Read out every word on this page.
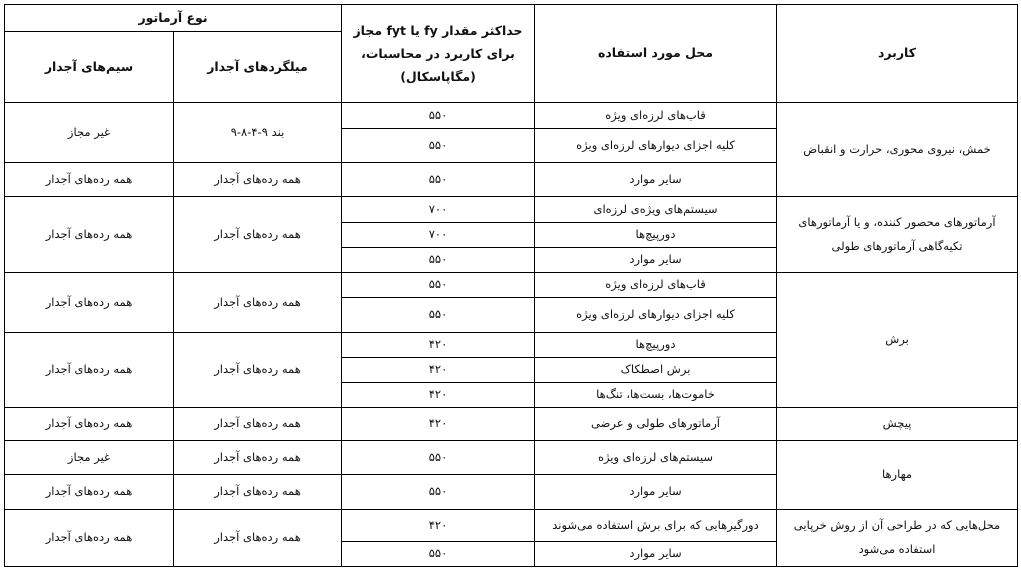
کاربرد	محل مورد استفاده	حداکثر مقدار fy یا fyt مجاز برای کاربرد در محاسبات، (مگاپاسکال)	نوع آرماتور	
			میلگردهای آجدار	سیم‌های آجدار
خمش، نیروی محوری، حرارت و انقباض	قاب‌های لرزه‌ای ویژه	۵۵۰	بند ۹-۴-۸-۹	غیر مجاز
	کلیه اجزای دیوارهای لرزه‌ای ویژه	۵۵۰		
	سایر موارد	۵۵۰	همه رده‌های آجدار	همه رده‌های آجدار
آرماتورهای محصور کننده، و یا آرماتورهای تکیه‌گاهی آرماتورهای طولی	سیستم‌های ویژه‌ی لرزه‌ای	۷۰۰	همه رده‌های آجدار	همه رده‌های آجدار
	دورپیچ‌ها	۷۰۰		
	سایر موارد	۵۵۰		
برش	قاب‌های لرزه‌ای ویژه	۵۵۰	همه رده‌های آجدار	همه رده‌های آجدار
	کلیه اجزای دیوارهای لرزه‌ای ویژه	۵۵۰		
	دورپیچ‌ها	۴۲۰	همه رده‌های آجدار	همه رده‌های آجدار
	برش اصطکاک	۴۲۰		
	خاموت‌ها، بست‌ها، تنگ‌ها	۴۲۰		
پیچش	آرماتورهای طولی و عرضی	۴۲۰	همه رده‌های آجدار	همه رده‌های آجدار
مهارها	سیستم‌های لرزه‌ای ویژه	۵۵۰	همه رده‌های آجدار	غیر مجاز
	سایر موارد	۵۵۰	همه رده‌های آجدار	همه رده‌های آجدار
محل‌هایی که در طراحی آن از روش خرپایی استفاده می‌شود	دورگیرهایی که برای برش استفاده می‌شوند	۴۲۰	همه رده‌های آجدار	همه رده‌های آجدار
	سایر موارد	۵۵۰		
